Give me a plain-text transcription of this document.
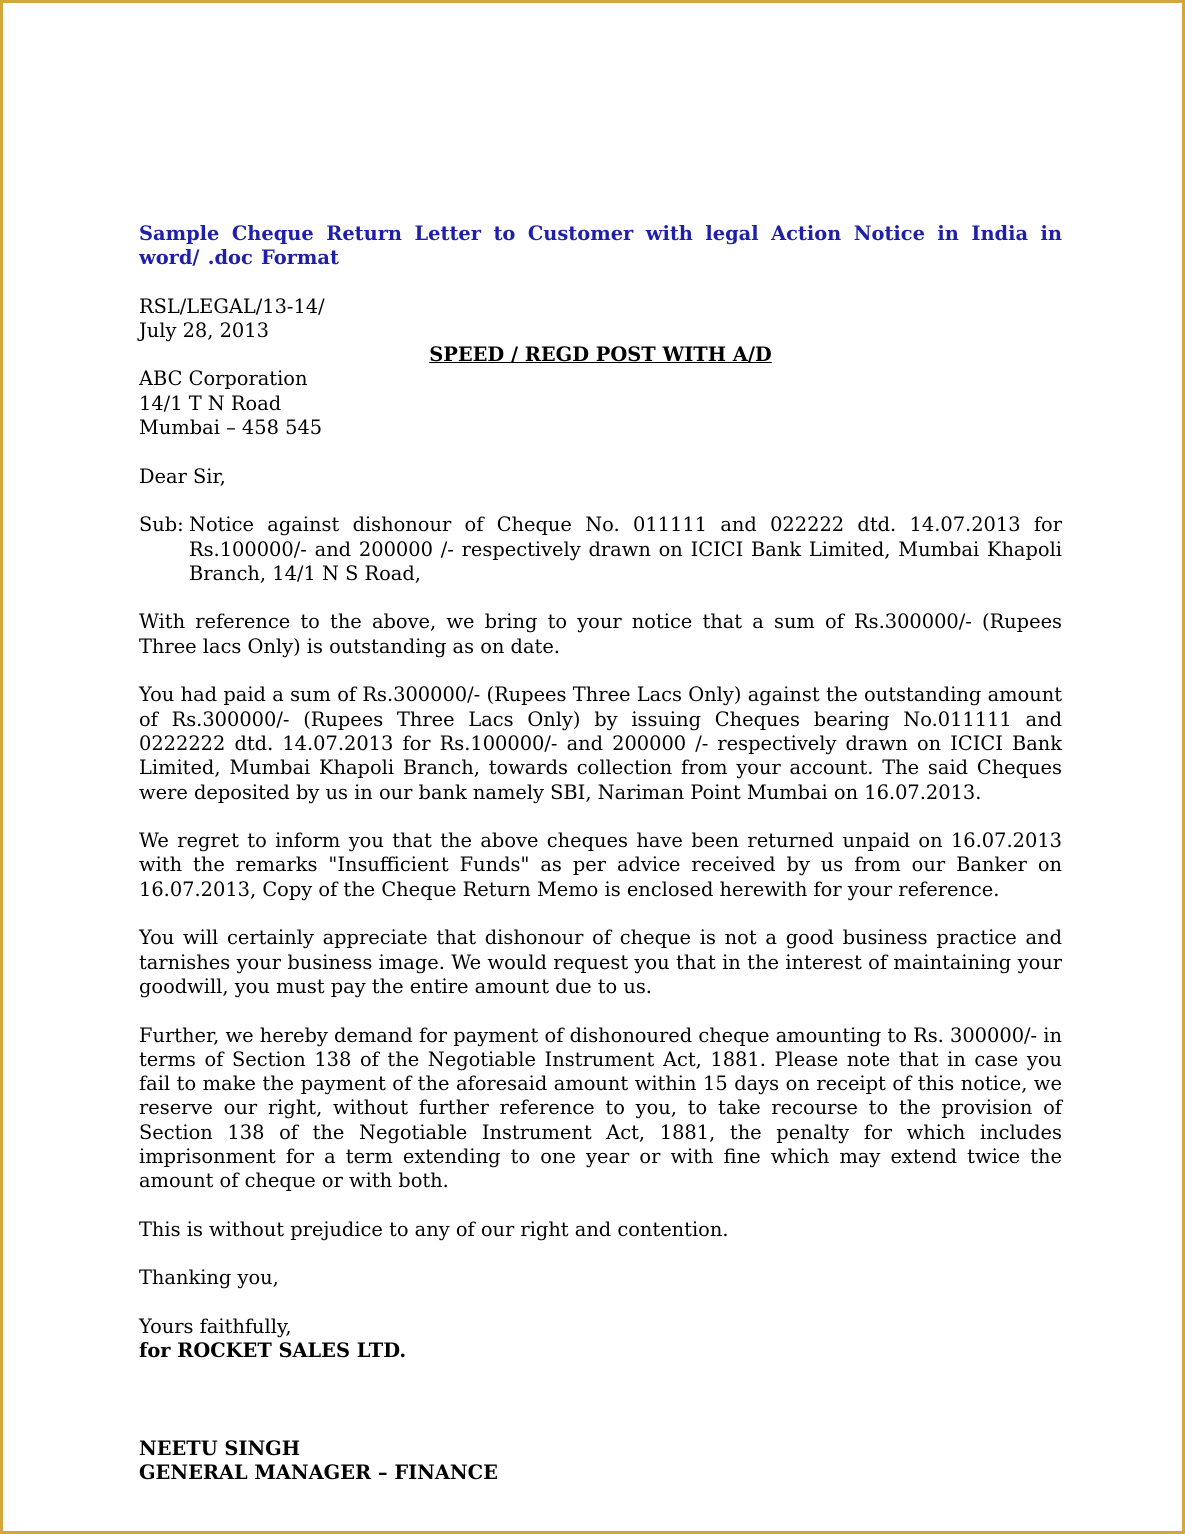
Sample Cheque Return Letter to Customer with legal Action Notice in India in word/ .doc Format
RSL/LEGAL/13-14/
July 28, 2013
SPEED / REGD POST WITH A/D
ABC Corporation
14/1 T N Road
Mumbai – 458 545
Dear Sir,
Sub: Notice against dishonour of Cheque No. 011111 and 022222 dtd. 14.07.2013 for Rs.100000/- and 200000 /- respectively drawn on ICICI Bank Limited, Mumbai Khapoli Branch, 14/1 N S Road,

With reference to the above, we bring to your notice that a sum of Rs.300000/- (Rupees Three lacs Only) is outstanding as on date.

You had paid a sum of Rs.300000/- (Rupees Three Lacs Only) against the outstanding amount of Rs.300000/- (Rupees Three Lacs Only) by issuing Cheques bearing No.011111 and 0222222 dtd. 14.07.2013 for Rs.100000/- and 200000 /- respectively drawn on ICICI Bank Limited, Mumbai Khapoli Branch, towards collection from your account. The said Cheques were deposited by us in our bank namely SBI, Nariman Point Mumbai on 16.07.2013.

We regret to inform you that the above cheques have been returned unpaid on 16.07.2013 with the remarks "Insufficient Funds" as per advice received by us from our Banker on 16.07.2013, Copy of the Cheque Return Memo is enclosed herewith for your reference.

You will certainly appreciate that dishonour of cheque is not a good business practice and tarnishes your business image. We would request you that in the interest of maintaining your goodwill, you must pay the entire amount due to us.

Further, we hereby demand for payment of dishonoured cheque amounting to Rs. 300000/- in terms of Section 138 of the Negotiable Instrument Act, 1881. Please note that in case you fail to make the payment of the aforesaid amount within 15 days on receipt of this notice, we reserve our right, without further reference to you, to take recourse to the provision of Section 138 of the Negotiable Instrument Act, 1881, the penalty for which includes imprisonment for a term extending to one year or with fine which may extend twice the amount of cheque or with both.

This is without prejudice to any of our right and contention.

Thanking you,
Yours faithfully,
for ROCKET SALES LTD.
NEETU SINGH
GENERAL MANAGER – FINANCE
